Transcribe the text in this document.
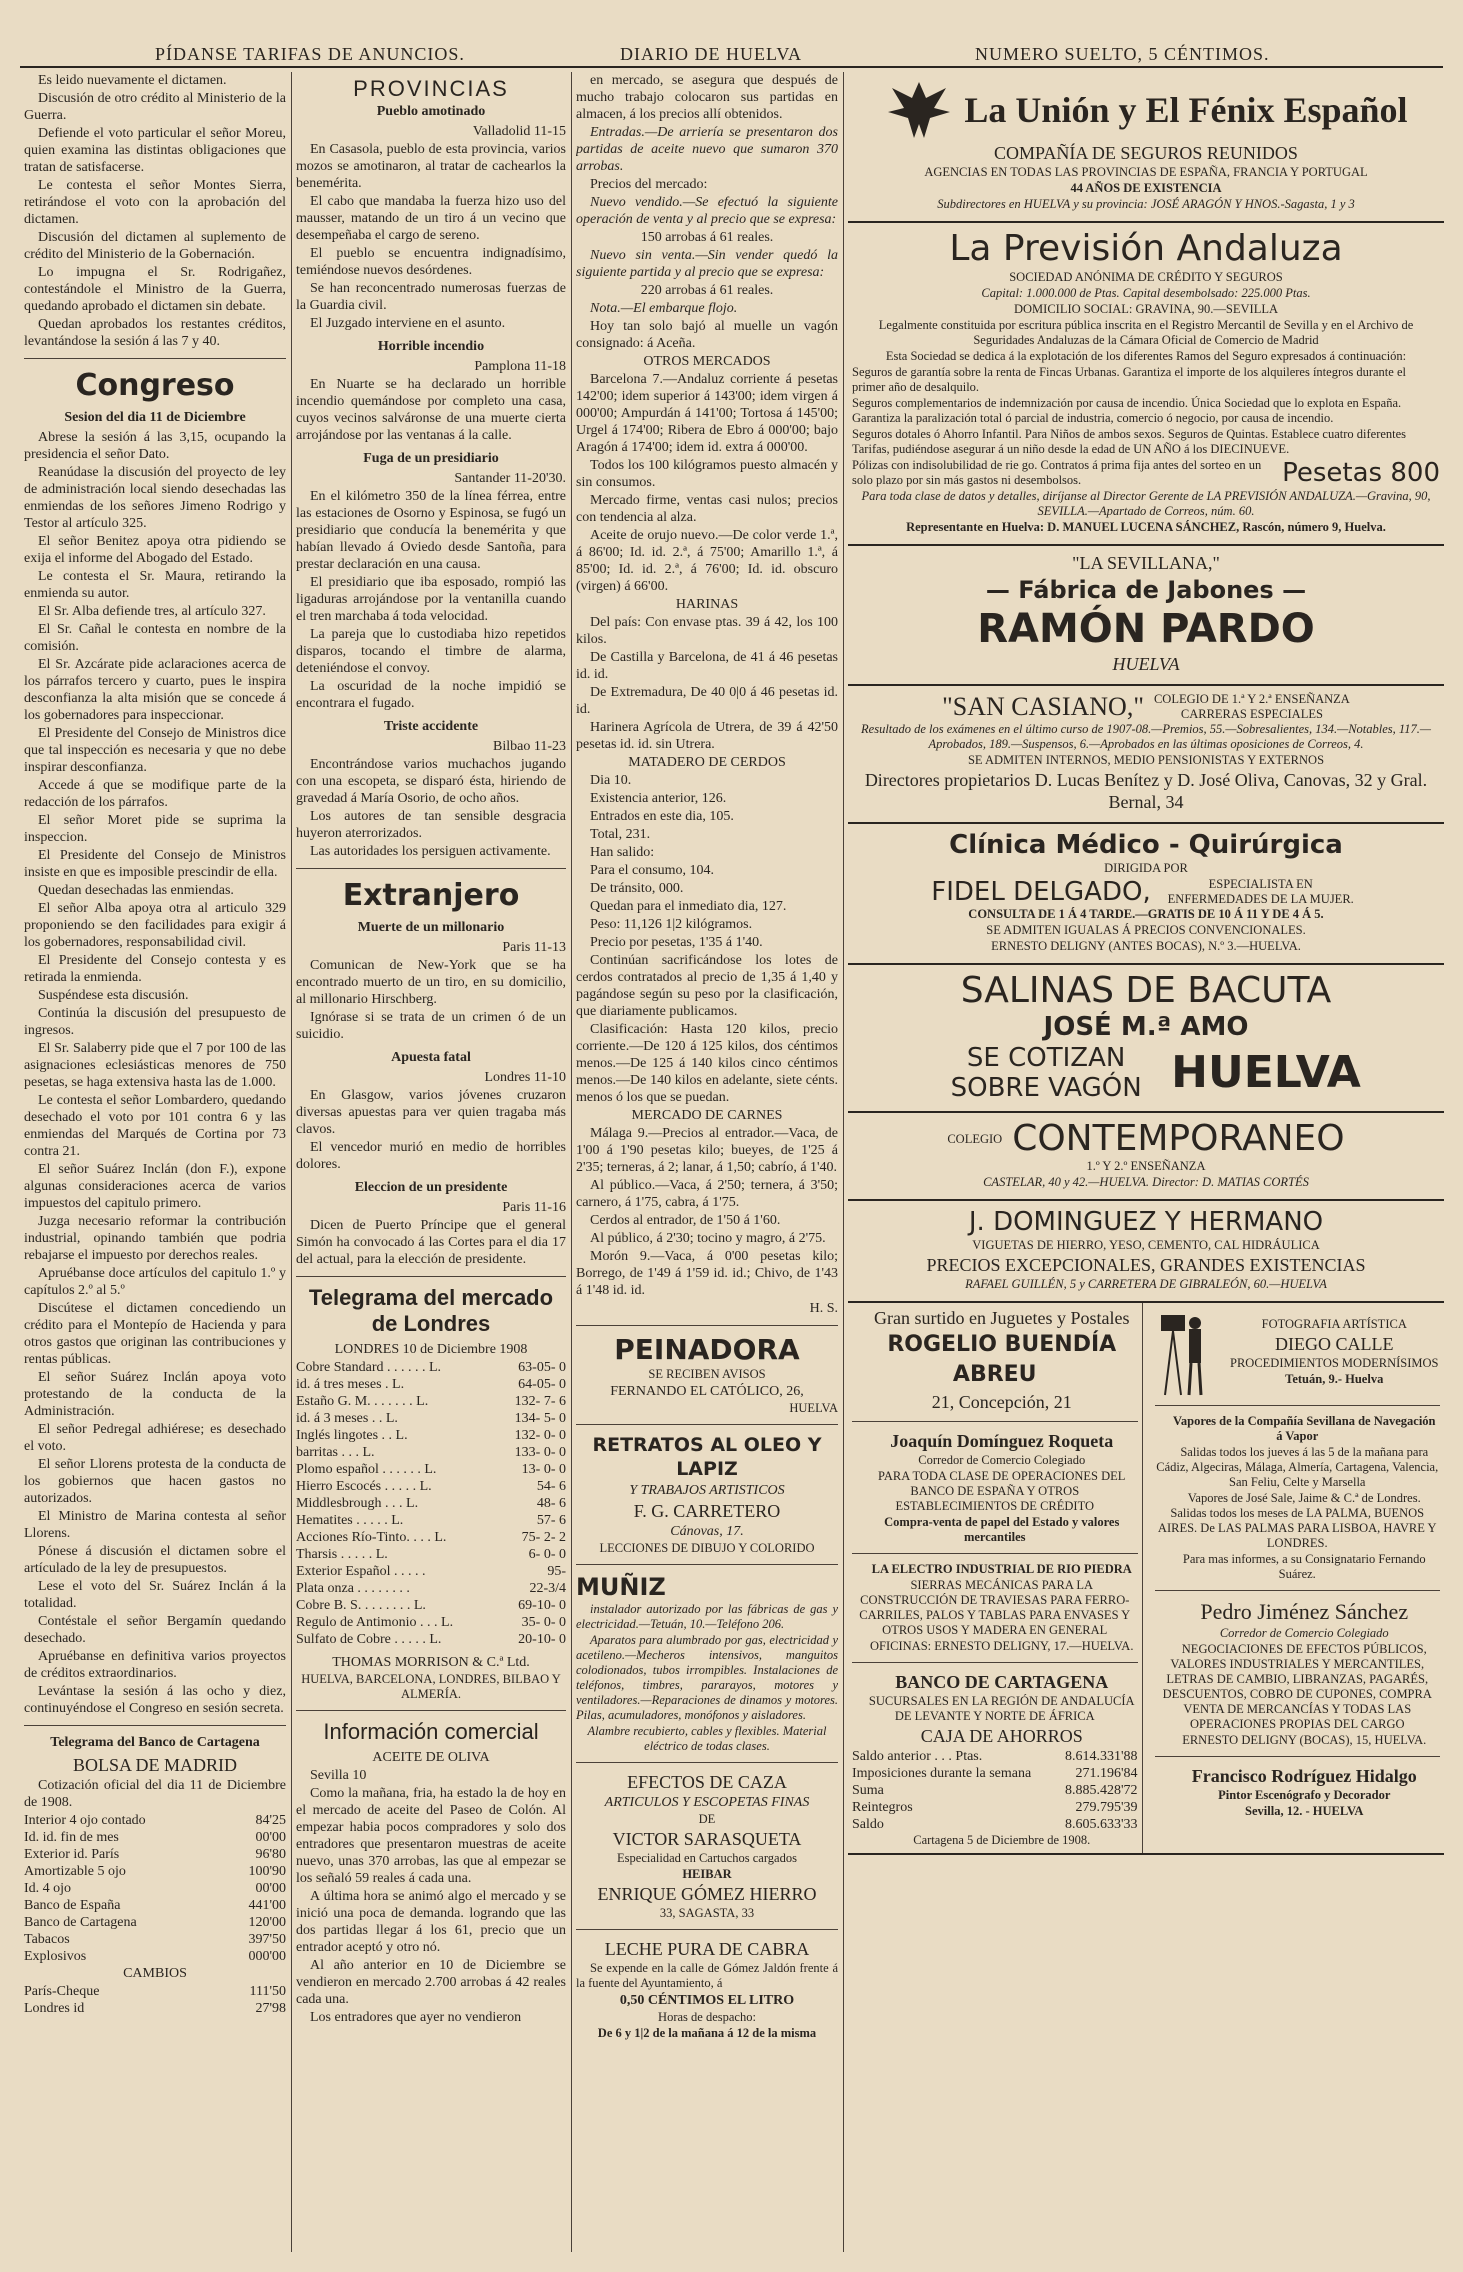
PÍDANSE TARIFAS DE ANUNCIOS.	DIARIO DE HUELVA	NUMERO SUELTO, 5 CÉNTIMOS.

Es leido nuevamente el dictamen.

Discusión de otro crédito al Ministerio de la Guerra.

Defiende el voto particular el señor Moreu, quien examina las distintas obligaciones que tratan de satisfacerse.

Le contesta el señor Montes Sierra, retirándose el voto con la aprobación del dictamen.

Discusión del dictamen al suplemento de crédito del Ministerio de la Gobernación.

Lo impugna el Sr. Rodrigañez, contestándole el Ministro de la Guerra, quedando aprobado el dictamen sin debate.

Quedan aprobados los restantes créditos, levantándose la sesión á las 7 y 40.

Congreso

Sesion del dia 11 de Diciembre

Abrese la sesión á las 3,15, ocupando la presidencia el señor Dato.

Reanúdase la discusión del proyecto de ley de administración local siendo desechadas las enmiendas de los señores Jimeno Rodrigo y Testor al artículo 325.

El señor Benitez apoya otra pidiendo se exija el informe del Abogado del Estado.

Le contesta el Sr. Maura, retirando la enmienda su autor.

El Sr. Alba defiende tres, al artículo 327.

El Sr. Cañal le contesta en nombre de la comisión.

El Sr. Azcárate pide aclaraciones acerca de los párrafos tercero y cuarto, pues le inspira desconfianza la alta misión que se concede á los gobernadores para inspeccionar.

El Presidente del Consejo de Ministros dice que tal inspección es necesaria y que no debe inspirar desconfianza.

Accede á que se modifique parte de la redacción de los párrafos.

El señor Moret pide se suprima la inspeccion.

El Presidente del Consejo de Ministros insiste en que es imposible prescindir de ella.

Quedan desechadas las enmiendas.

El señor Alba apoya otra al articulo 329 proponiendo se den facilidades para exigir á los gobernadores, responsabilidad civil.

El Presidente del Consejo contesta y es retirada la enmienda.

Suspéndese esta discusión.

Continúa la discusión del presupuesto de ingresos.

El Sr. Salaberry pide que el 7 por 100 de las asignaciones eclesiásticas menores de 750 pesetas, se haga extensiva hasta las de 1.000.

Le contesta el señor Lombardero, quedando desechado el voto por 101 contra 6 y las enmiendas del Marqués de Cortina por 73 contra 21.

El señor Suárez Inclán (don F.), expone algunas consideraciones acerca de varios impuestos del capitulo primero.

Juzga necesario reformar la contribución industrial, opinando también que podria rebajarse el impuesto por derechos reales.

Apruébanse doce artículos del capitulo 1.º y capítulos 2.º al 5.º

Discútese el dictamen concediendo un crédito para el Montepío de Hacienda y para otros gastos que originan las contribuciones y rentas públicas.

El señor Suárez Inclán apoya voto protestando de la conducta de la Administración.

El señor Pedregal adhiérese; es desechado el voto.

El señor Llorens protesta de la conducta de los gobiernos que hacen gastos no autorizados.

El Ministro de Marina contesta al señor Llorens.

Pónese á discusión el dictamen sobre el artículado de la ley de presupuestos.

Lese el voto del Sr. Suárez Inclán á la totalidad.

Contéstale el señor Bergamín quedando desechado.

Apruébanse en definitiva varios proyectos de créditos extraordinarios.

Levántase la sesión á las ocho y diez, continuyéndose el Congreso en sesión secreta.

Telegrama del Banco de Cartagena

BOLSA DE MADRID

Cotización oficial del dia 11 de Diciembre de 1908.

Interior 4 ojo contado	84'25
Id. id. fin de mes	00'00
Exterior id. París	96'80
Amortizable 5 ojo	100'90
Id. 4 ojo	00'00
Banco de España	441'00
Banco de Cartagena	120'00
Tabacos	397'50
Explosivos	000'00

CAMBIOS

París-Cheque	111'50
Londres id	27'98

PROVINCIAS

Pueblo amotinado

Valladolid 11-15

En Casasola, pueblo de esta provincia, varios mozos se amotinaron, al tratar de cachearlos la benemérita.

El cabo que mandaba la fuerza hizo uso del mausser, matando de un tiro á un vecino que desempeñaba el cargo de sereno.

El pueblo se encuentra indignadísimo, temiéndose nuevos desórdenes.

Se han reconcentrado numerosas fuerzas de la Guardia civil.

El Juzgado interviene en el asunto.

Horrible incendio

Pamplona 11-18

En Nuarte se ha declarado un horrible incendio quemándose por completo una casa, cuyos vecinos salváronse de una muerte cierta arrojándose por las ventanas á la calle.

Fuga de un presidiario

Santander 11-20'30.

En el kilómetro 350 de la línea férrea, entre las estaciones de Osorno y Espinosa, se fugó un presidiario que conducía la benemérita y que habían llevado á Oviedo desde Santoña, para prestar declaración en una causa.

El presidiario que iba esposado, rompió las ligaduras arrojándose por la ventanilla cuando el tren marchaba á toda velocidad.

La pareja que lo custodiaba hizo repetidos disparos, tocando el timbre de alarma, deteniéndose el convoy.

La oscuridad de la noche impidió se encontrara el fugado.

Triste accidente

Bilbao 11-23

Encontrándose varios muchachos jugando con una escopeta, se disparó ésta, hiriendo de gravedad á María Osorio, de ocho años.

Los autores de tan sensible desgracia huyeron aterrorizados.

Las autoridades los persiguen activamente.

Extranjero

Muerte de un millonario

Paris 11-13

Comunican de New-York que se ha encontrado muerto de un tiro, en su domicilio, al millonario Hirschberg.

Ignórase si se trata de un crimen ó de un suicidio.

Apuesta fatal

Londres 11-10

En Glasgow, varios jóvenes cruzaron diversas apuestas para ver quien tragaba más clavos.

El vencedor murió en medio de horribles dolores.

Eleccion de un presidente

Paris 11-16

Dicen de Puerto Príncipe que el general Simón ha convocado á las Cortes para el dia 17 del actual, para la elección de presidente.

Telegrama del mercado de Londres

LONDRES 10 de Diciembre 1908

Cobre Standard . . . . . . L.	63-05- 0
id. á tres meses . L.	64-05- 0
Estaño G. M. . . . . . . L.	132- 7- 6
id. á 3 meses . . L.	134- 5- 0
Inglés lingotes . . L.	132- 0- 0
barritas . . . L.	133- 0- 0
Plomo español . . . . . . L.	13- 0- 0
Hierro Escocés . . . . . L.	54- 6
Middlesbrough . . . L.	48- 6
Hematites . . . . . L.	57- 6
Acciones Río-Tinto. . . . L.	75- 2- 2
Tharsis . . . . . L.	6- 0- 0
Exterior Español . . . . .	95-
Plata onza . . . . . . . .	22-3/4
Cobre B. S. . . . . . . . L.	69-10- 0
Regulo de Antimonio . . . L.	35- 0- 0
Sulfato de Cobre . . . . . L.	20-10- 0

THOMAS MORRISON & C.ª Ltd.

HUELVA, BARCELONA, LONDRES, BILBAO Y ALMERÍA.

Información comercial

ACEITE DE OLIVA

Sevilla 10

Como la mañana, fria, ha estado la de hoy en el mercado de aceite del Paseo de Colón. Al empezar habia pocos compradores y solo dos entradores que presentaron muestras de aceite nuevo, unas 370 arrobas, las que al empezar se los señaló 59 reales á cada una.

A última hora se animó algo el mercado y se inició una poca de demanda. logrando que las dos partidas llegar á los 61, precio que un entrador aceptó y otro nó.

Al año anterior en 10 de Diciembre se vendieron en mercado 2.700 arrobas á 42 reales cada una.

Los entradores que ayer no vendieron

en mercado, se asegura que después de mucho trabajo colocaron sus partidas en almacen, á los precios allí obtenidos.

Entradas.—De arriería se presentaron dos partidas de aceite nuevo que sumaron 370 arrobas.

Precios del mercado:

Nuevo vendido.—Se efectuó la siguiente operación de venta y al precio que se expresa:

150 arrobas á 61 reales.

Nuevo sin venta.—Sin vender quedó la siguiente partida y al precio que se expresa:

220 arrobas á 61 reales.

Nota.—El embarque flojo.

Hoy tan solo bajó al muelle un vagón consignado: á Aceña.

OTROS MERCADOS

Barcelona 7.—Andaluz corriente á pesetas 142'00; idem superior á 143'00; idem virgen á 000'00; Ampurdán á 141'00; Tortosa á 145'00; Urgel á 174'00; Ribera de Ebro á 000'00; bajo Aragón á 174'00; idem id. extra á 000'00.

Todos los 100 kilógramos puesto almacén y sin consumos.

Mercado firme, ventas casi nulos; precios con tendencia al alza.

Aceite de orujo nuevo.—De color verde 1.ª, á 86'00; Id. id. 2.ª, á 75'00; Amarillo 1.ª, á 85'00; Id. id. 2.ª, á 76'00; Id. id. obscuro (virgen) á 66'00.

HARINAS

Del país: Con envase ptas. 39 á 42, los 100 kilos.

De Castilla y Barcelona, de 41 á 46 pesetas id. id.

De Extremadura, De 40 0|0 á 46 pesetas id. id.

Harinera Agrícola de Utrera, de 39 á 42'50 pesetas id. id. sin Utrera.

MATADERO DE CERDOS

Dia 10.

Existencia anterior, 126.

Entrados en este dia, 105.

Total, 231.

Han salido:

Para el consumo, 104.

De tránsito, 000.

Quedan para el inmediato dia, 127.

Peso: 11,126 1|2 kilógramos.

Precio por pesetas, 1'35 á 1'40.

Continúan sacrificándose los lotes de cerdos contratados al precio de 1,35 á 1,40 y pagándose según su peso por la clasificación, que diariamente publicamos.

Clasificación: Hasta 120 kilos, precio corriente.—De 120 á 125 kilos, dos céntimos menos.—De 125 á 140 kilos cinco céntimos menos.—De 140 kilos en adelante, siete cénts. menos ó los que se puedan.

MERCADO DE CARNES

Málaga 9.—Precios al entrador.—Vaca, de 1'00 á 1'90 pesetas kilo; bueyes, de 1'25 á 2'35; terneras, á 2; lanar, á 1,50; cabrío, á 1'40.

Al público.—Vaca, á 2'50; ternera, á 3'50; carnero, á 1'75, cabra, á 1'75.

Cerdos al entrador, de 1'50 á 1'60.

Al público, á 2'30; tocino y magro, á 2'75.

Morón 9.—Vaca, á 0'00 pesetas kilo; Borrego, de 1'49 á 1'59 id. id.; Chivo, de 1'43 á 1'48 id. id.

H. S.

PEINADORA

SE RECIBEN AVISOS

FERNANDO EL CATÓLICO, 26,

HUELVA

RETRATOS AL OLEO Y LAPIZ

Y TRABAJOS ARTISTICOS

F. G. CARRETERO

Cánovas, 17.

LECCIONES DE DIBUJO Y COLORIDO

MUÑIZ

instalador autorizado por las fábricas de gas y electricidad.—Tetuán, 10.—Teléfono 206.

Aparatos para alumbrado por gas, electricidad y acetileno.—Mecheros intensivos, manguitos colodionados, tubos irrompibles. Instalaciones de teléfonos, timbres, pararayos, motores y ventiladores.—Reparaciones de dinamos y motores. Pilas, acumuladores, monófonos y aisladores.

Alambre recubierto, cables y flexibles. Material eléctrico de todas clases.

EFECTOS DE CAZA

ARTICULOS Y ESCOPETAS FINAS

DE

VICTOR SARASQUETA

Especialidad en Cartuchos cargados

HEIBAR

ENRIQUE GÓMEZ HIERRO

33, SAGASTA, 33

LECHE PURA DE CABRA

Se expende en la calle de Gómez Jaldón frente á la fuente del Ayuntamiento, á

0,50 CÉNTIMOS EL LITRO

Horas de despacho:

De 6 y 1|2 de la mañana á 12 de la misma

La Unión y El Fénix Español

COMPAÑÍA DE SEGUROS REUNIDOS

AGENCIAS EN TODAS LAS PROVINCIAS DE ESPAÑA, FRANCIA Y PORTUGAL

44 AÑOS DE EXISTENCIA

Subdirectores en HUELVA y su provincia: JOSÉ ARAGÓN Y HNOS.-Sagasta, 1 y 3

La Previsión Andaluza

SOCIEDAD ANÓNIMA DE CRÉDITO Y SEGUROS

Capital: 1.000.000 de Ptas. Capital desembolsado: 225.000 Ptas.

DOMICILIO SOCIAL: GRAVINA, 90.—SEVILLA

Legalmente constituida por escritura pública inscrita en el Registro Mercantil de Sevilla y en el Archivo de Seguridades Andaluzas de la Cámara Oficial de Comercio de Madrid

Esta Sociedad se dedica á la explotación de los diferentes Ramos del Seguro expresados á continuación:

Seguros de garantía sobre la renta de Fincas Urbanas. Garantiza el importe de los alquileres íntegros durante el primer año de desalquilo.

Seguros complementarios de indemnización por causa de incendio. Única Sociedad que lo explota en España. Garantiza la paralización total ó parcial de industria, comercio ó negocio, por causa de incendio.

Seguros dotales ó Ahorro Infantil. Para Niños de ambos sexos. Seguros de Quintas. Establece cuatro diferentes Tarifas, pudiéndose asegurar á un niño desde la edad de UN AÑO á los DIECINUEVE.

Pólizas con indisolubilidad de rie go. Contratos á prima fija antes del sorteo en un solo plazo por sin más gastos ni desembolsos.	Pesetas 800

Para toda clase de datos y detalles, diríjanse al Director Gerente de LA PREVISIÓN ANDALUZA.—Gravina, 90, SEVILLA.—Apartado de Correos, núm. 60.

Representante en Huelva: D. MANUEL LUCENA SÁNCHEZ, Rascón, número 9, Huelva.

"LA SEVILLANA,"

— Fábrica de Jabones —

RAMÓN PARDO

HUELVA

"SAN CASIANO," COLEGIO DE 1.ª Y 2.ª ENSEÑANZA
CARRERAS ESPECIALES

Resultado de los exámenes en el último curso de 1907-08.—Premios, 55.—Sobresalientes, 134.—Notables, 117.—Aprobados, 189.—Suspensos, 6.—Aprobados en las últimas oposiciones de Correos, 4.

SE ADMITEN INTERNOS, MEDIO PENSIONISTAS Y EXTERNOS

Directores propietarios D. Lucas Benítez y D. José Oliva, Canovas, 32 y Gral. Bernal, 34

Clínica Médico - Quirúrgica

DIRIGIDA POR

FIDEL DELGADO,	ESPECIALISTA EN ENFERMEDADES DE LA MUJER.

CONSULTA DE 1 Á 4 TARDE.—GRATIS DE 10 Á 11 Y DE 4 Á 5.

SE ADMITEN IGUALAS Á PRECIOS CONVENCIONALES.

ERNESTO DELIGNY (ANTES BOCAS), N.º 3.—HUELVA.

SALINAS DE BACUTA

JOSÉ M.ª AMO

SE COTIZAN SOBRE VAGÓN HUELVA
COLEGIO CONTEMPORANEO

1.º Y 2.º ENSEÑANZA

CASTELAR, 40 y 42.—HUELVA. Director: D. MATIAS CORTÉS

J. DOMINGUEZ Y HERMANO

VIGUETAS DE HIERRO, YESO, CEMENTO, CAL HIDRÁULICA

PRECIOS EXCEPCIONALES, GRANDES EXISTENCIAS

RAFAEL GUILLÉN, 5 y CARRETERA DE GIBRALEÓN, 60.—HUELVA

Gran surtido en Juguetes y Postales

ROGELIO BUENDÍA ABREU

21, Concepción, 21

Joaquín Domínguez Roqueta

Corredor de Comercio Colegiado

PARA TODA CLASE DE OPERACIONES DEL BANCO DE ESPAÑA Y OTROS ESTABLECIMIENTOS DE CRÉDITO

Compra-venta de papel del Estado y valores mercantiles

LA ELECTRO INDUSTRIAL DE RIO PIEDRA

SIERRAS MECÁNICAS PARA LA CONSTRUCCIÓN DE TRAVIESAS PARA FERRO-CARRILES, PALOS Y TABLAS PARA ENVASES Y OTROS USOS Y MADERA EN GENERAL

OFICINAS: ERNESTO DELIGNY, 17.—HUELVA.

BANCO DE CARTAGENA

SUCURSALES EN LA REGIÓN DE ANDALUCÍA DE LEVANTE Y NORTE DE ÁFRICA

CAJA DE AHORROS

Saldo anterior . . . Ptas.	8.614.331'88
Imposiciones durante la semana	271.196'84
Suma	8.885.428'72
Reintegros	279.795'39
Saldo	8.605.633'33

Cartagena 5 de Diciembre de 1908.

FOTOGRAFIA ARTÍSTICA

DIEGO CALLE

PROCEDIMIENTOS MODERNÍSIMOS

Tetuán, 9.- Huelva

Vapores de la Compañía Sevillana de Navegación á Vapor

Salidas todos los jueves á las 5 de la mañana para Cádiz, Algeciras, Málaga, Almería, Cartagena, Valencia, San Feliu, Celte y Marsella

Vapores de José Sale, Jaime & C.ª de Londres. Salidas todos los meses de LA PALMA, BUENOS AIRES. De LAS PALMAS PARA LISBOA, HAVRE Y LONDRES.

Para mas informes, a su Consignatario Fernando Suárez.

Pedro Jiménez Sánchez

Corredor de Comercio Colegiado

NEGOCIACIONES DE EFECTOS PÚBLICOS, VALORES INDUSTRIALES Y MERCANTILES, LETRAS DE CAMBIO, LIBRANZAS, PAGARÉS, DESCUENTOS, COBRO DE CUPONES, COMPRA VENTA DE MERCANCÍAS Y TODAS LAS OPERACIONES PROPIAS DEL CARGO

ERNESTO DELIGNY (BOCAS), 15, HUELVA.

Francisco Rodríguez Hidalgo

Pintor Escenógrafo y Decorador

Sevilla, 12. - HUELVA
